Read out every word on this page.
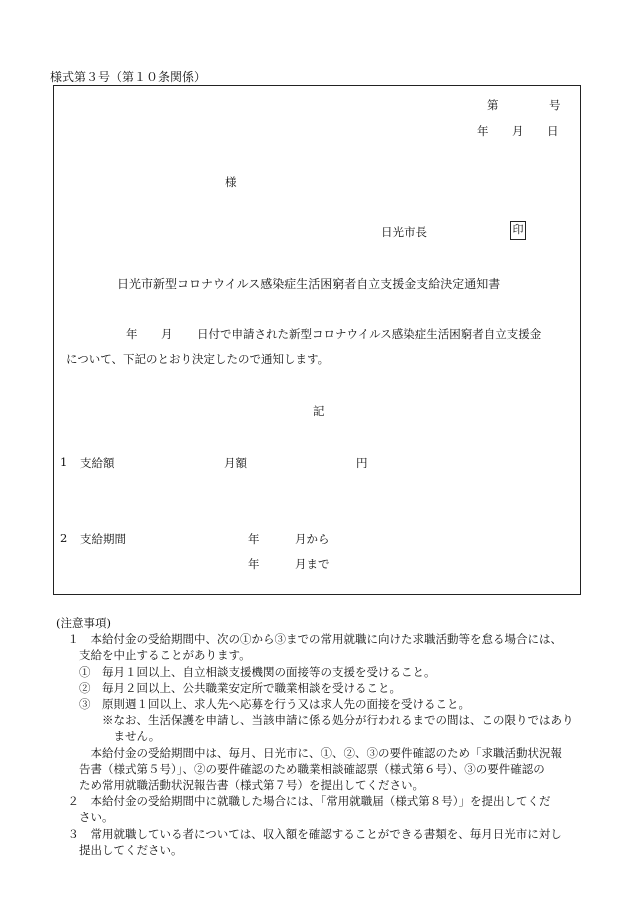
様式第３号（第１０条関係）
第	号
年 月 日
様
日光市長	印
日光市新型コロナウイルス感染症生活困窮者自立支援金支給決定通知書
年 月 日付で申請された新型コロナウイルス感染症生活困窮者自立支援金
について、下記のとおり決定したので通知します。
記
1 支給額	月額	円
2 支給期間	年	月から
年	月まで
(注意事項)
　１　本給付金の受給期間中、次の①から③までの常用就職に向けた求職活動等を怠る場合には、
　　支給を中止することがあります。
　　①　毎月１回以上、自立相談支援機関の面接等の支援を受けること。
　　②　毎月２回以上、公共職業安定所で職業相談を受けること。
　　③　原則週１回以上、求人先へ応募を行う又は求人先の面接を受けること。
　　　　※なお、生活保護を申請し、当該申請に係る処分が行われるまでの間は、この限りではあり
　　　　　ません。
　　　本給付金の受給期間中は、毎月、日光市に、①、②、③の要件確認のため「求職活動状況報
　　告書（様式第５号）」、②の要件確認のため職業相談確認票（様式第６号）、③の要件確認の
　　ため常用就職活動状況報告書（様式第７号）を提出してください。
　２　本給付金の受給期間中に就職した場合には、「常用就職届（様式第８号）」を提出してくだ
　　さい。
　３　常用就職している者については、収入額を確認することができる書類を、毎月日光市に対し
　　提出してください。
